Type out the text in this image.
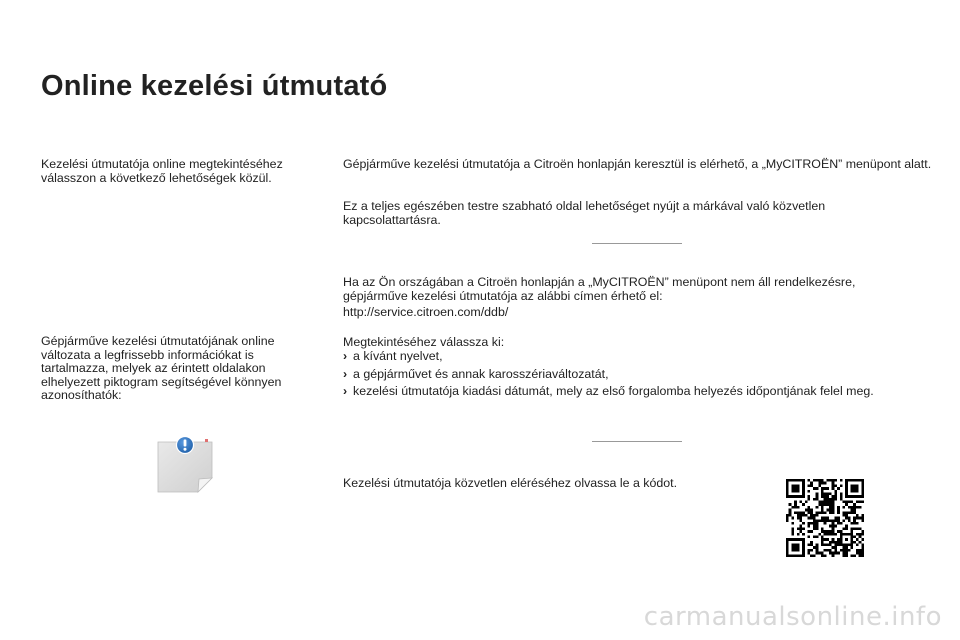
Online kezelési útmutató

Kezelési útmutatója online megtekintéséhez válasszon a következő lehetőségek közül.

Gépjárműve kezelési útmutatójának online változata a legfrissebb információkat is tartalmazza, melyek az érintett oldalakon elhelyezett piktogram segítségével könnyen azonosíthatók:

Gépjárműve kezelési útmutatója a Citroën honlapján keresztül is elérhető, a „MyCITROËN” menüpont alatt.

Ez a teljes egészében testre szabható oldal lehetőséget nyújt a márkával való közvetlen kapcsolattartásra.

Ha az Ön országában a Citroën honlapján a „MyCITROËN” menüpont nem áll rendelkezésre, gépjárműve kezelési útmutatója az alábbi címen érhető el:

http://service.citroen.com/ddb/

Megtekintéséhez válassza ki:

› a kívánt nyelvet,
› a gépjárművet és annak karosszériaváltozatát,
› kezelési útmutatója kiadási dátumát, mely az első forgalomba helyezés időpontjának felel meg.

Kezelési útmutatója közvetlen eléréséhez olvassa le a kódot.

carmanualsonline.info
